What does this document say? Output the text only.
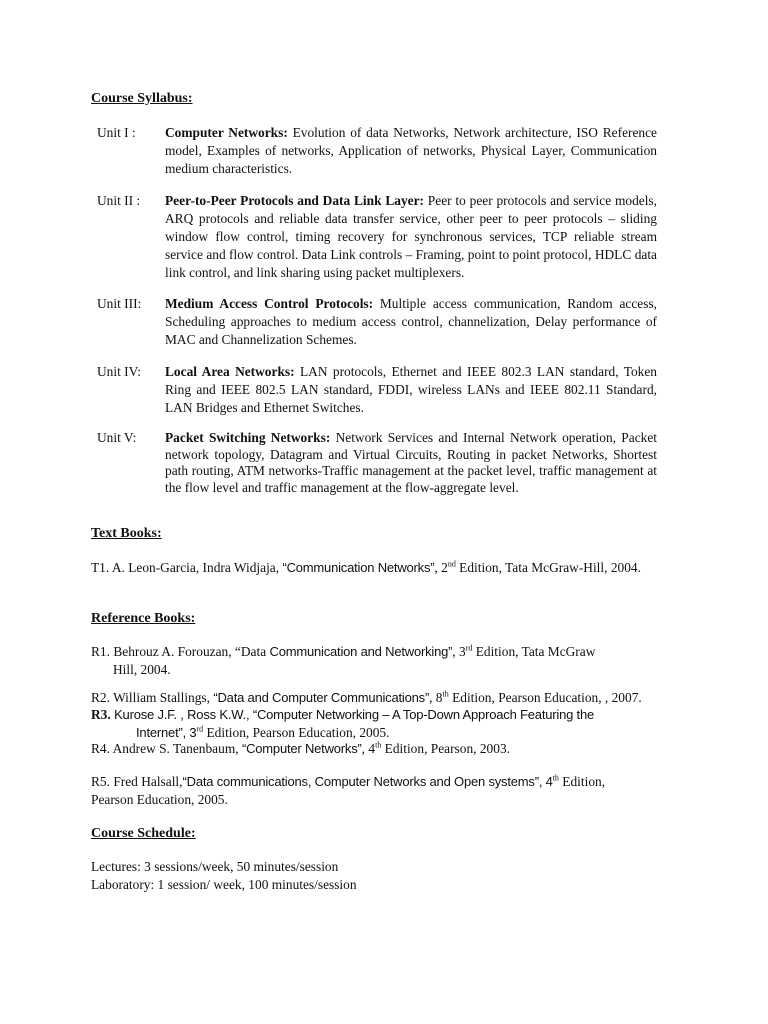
Course Syllabus:
Unit I :	Computer Networks: Evolution of data Networks, Network architecture, ISO Reference model, Examples of networks, Application of networks, Physical Layer, Communication medium characteristics.
Unit II :	Peer-to-Peer Protocols and Data Link Layer: Peer to peer protocols and service models, ARQ protocols and reliable data transfer service, other peer to peer protocols – sliding window flow control, timing recovery for synchronous services, TCP reliable stream service and flow control. Data Link controls – Framing, point to point protocol, HDLC data link control, and link sharing using packet multiplexers.
Unit III:	Medium Access Control Protocols: Multiple access communication, Random access, Scheduling approaches to medium access control, channelization, Delay performance of MAC and Channelization Schemes.
Unit IV:	Local Area Networks: LAN protocols, Ethernet and IEEE 802.3 LAN standard, Token Ring and IEEE 802.5 LAN standard, FDDI, wireless LANs and IEEE 802.11 Standard, LAN Bridges and Ethernet Switches.
Unit V:	Packet Switching Networks: Network Services and Internal Network operation, Packet network topology, Datagram and Virtual Circuits, Routing in packet Networks, Shortest path routing, ATM networks-Traffic management at the packet level, traffic management at the flow level and traffic management at the flow-aggregate level.
Text Books:
T1. A. Leon-Garcia, Indra Widjaja, “Communication Networks”, 2nd Edition, Tata McGraw-Hill, 2004.
Reference Books:
R1. Behrouz A. Forouzan, “Data Communication and Networking”, 3rd Edition, Tata McGraw
Hill, 2004.
R2. William Stallings, “Data and Computer Communications”, 8th Edition, Pearson Education, , 2007.
R3. Kurose J.F. , Ross K.W., “Computer Networking – A Top-Down Approach Featuring the
Internet”, 3rd Edition, Pearson Education, 2005.
R4. Andrew S. Tanenbaum, “Computer Networks”, 4th Edition, Pearson, 2003.
R5. Fred Halsall,“Data communications, Computer Networks and Open systems”, 4th Edition,
Pearson Education, 2005.
Course Schedule:
Lectures: 3 sessions/week, 50 minutes/session
Laboratory: 1 session/ week, 100 minutes/session
